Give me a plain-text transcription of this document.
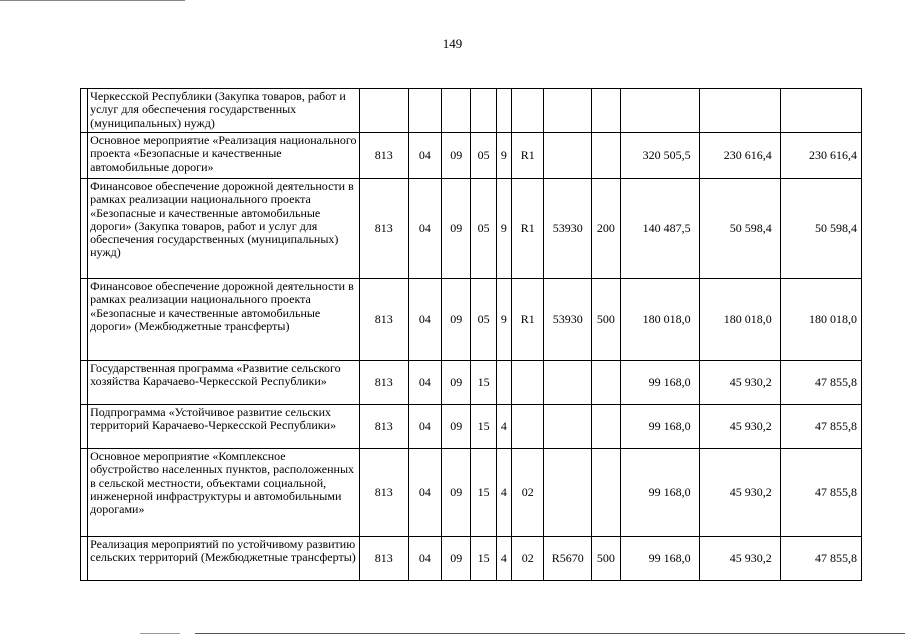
149
	Черкесской Республики (Закупка товаров, работ и услуг для обеспечения государственных (муниципальных) нужд)											
	Основное мероприятие «Реализация национального проекта «Безопасные и качественные автомобильные дороги»	813	04	09	05	9	R1			320 505,5	230 616,4	230 616,4
	Финансовое обеспечение дорожной деятельности в рамках реализации национального проекта «Безопасные и качественные автомобильные дороги» (Закупка товаров, работ и услуг для обеспечения государственных (муниципальных) нужд)	813	04	09	05	9	R1	53930	200	140 487,5	50 598,4	50 598,4
	Финансовое обеспечение дорожной деятельности в рамках реализации национального проекта «Безопасные и качественные автомобильные дороги» (Межбюджетные трансферты)	813	04	09	05	9	R1	53930	500	180 018,0	180 018,0	180 018,0
	Государственная программа «Развитие сельского хозяйства Карачаево-Черкесской Республики»	813	04	09	15					99 168,0	45 930,2	47 855,8
	Подпрограмма «Устойчивое развитие сельских территорий Карачаево-Черкесской Республики»	813	04	09	15	4				99 168,0	45 930,2	47 855,8
	Основное мероприятие «Комплексное обустройство населенных пунктов, расположенных в сельской местности, объектами социальной, инженерной инфраструктуры и автомобильными дорогами»	813	04	09	15	4	02			99 168,0	45 930,2	47 855,8
	Реализация мероприятий по устойчивому развитию сельских территорий (Межбюджетные трансферты)	813	04	09	15	4	02	R5670	500	99 168,0	45 930,2	47 855,8
